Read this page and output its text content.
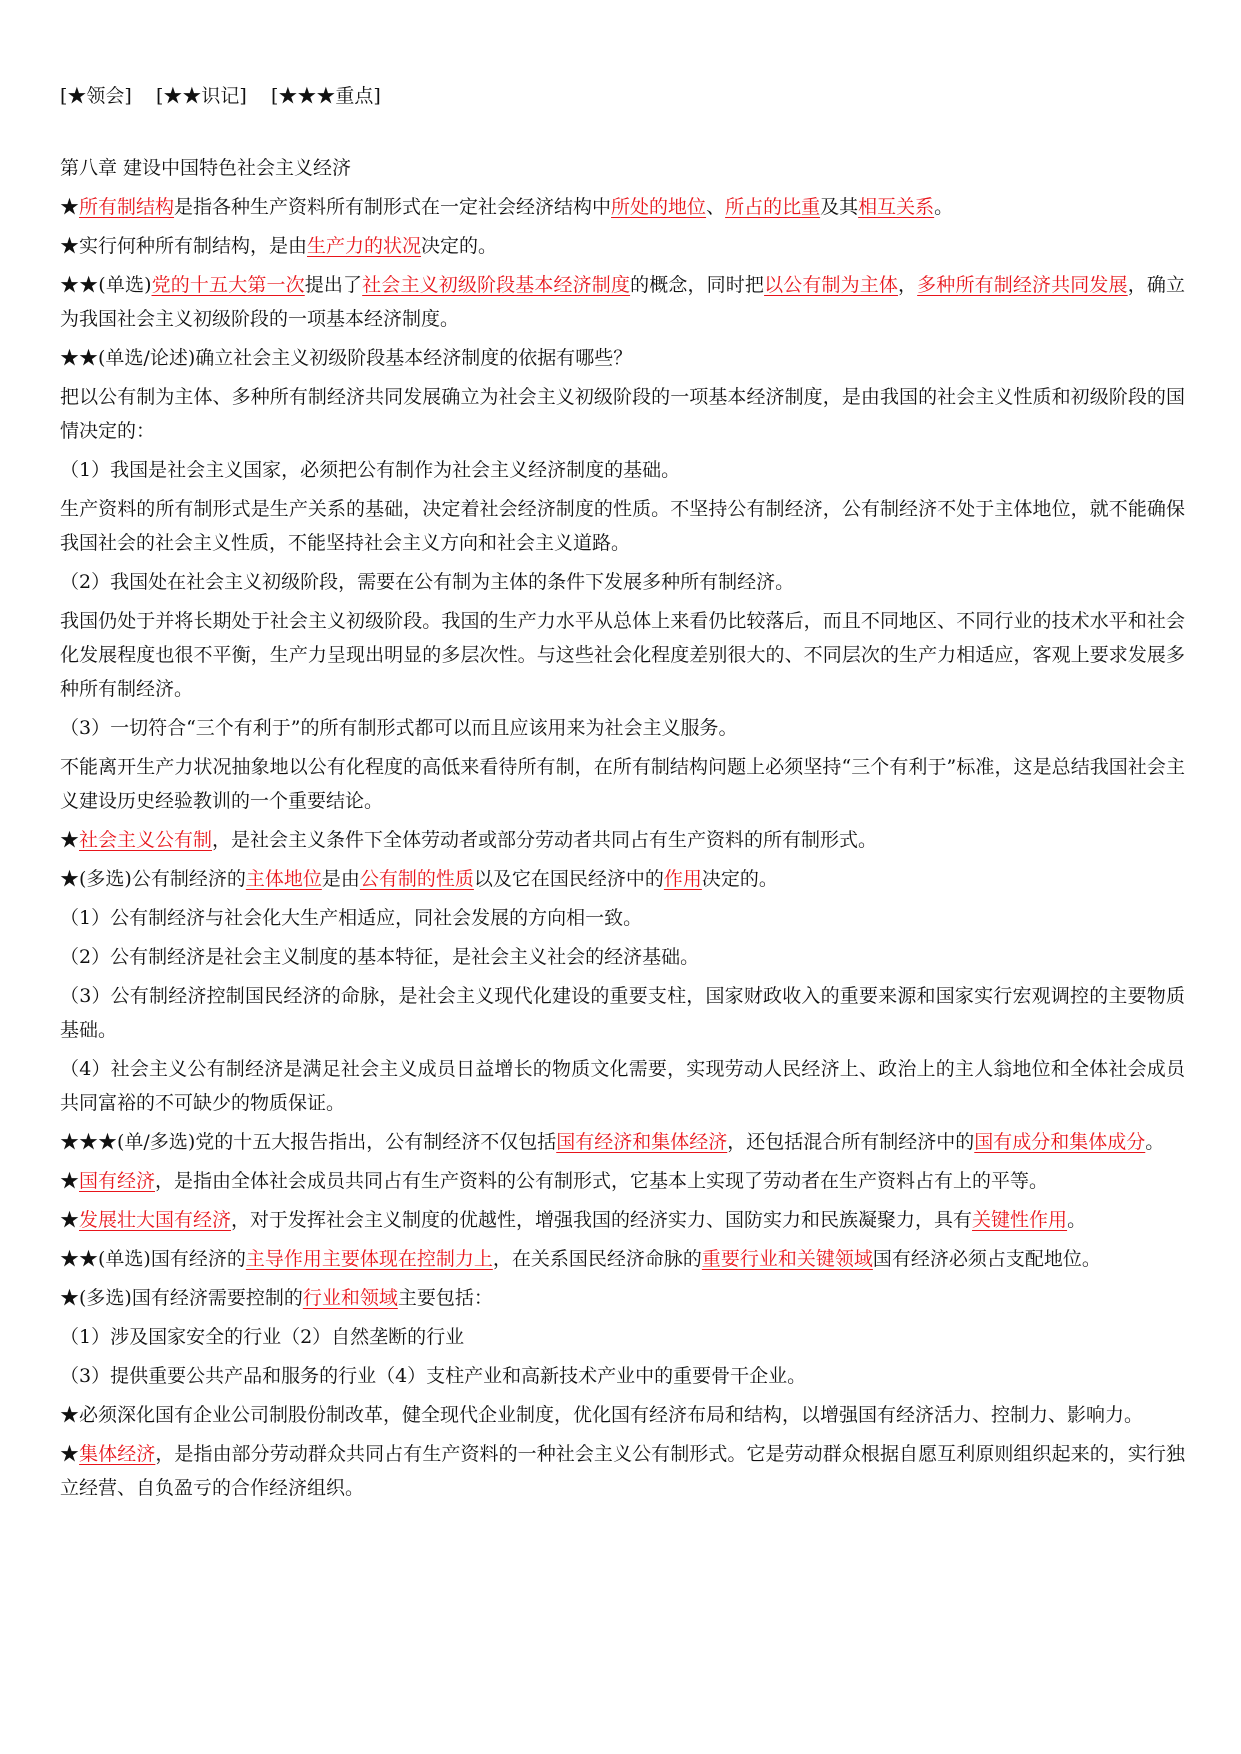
[★领会]    [★★识记]    [★★★重点]
第八章 建设中国特色社会主义经济

★所有制结构是指各种生产资料所有制形式在一定社会经济结构中所处的地位、所占的比重及其相互关系。

★实行何种所有制结构，是由生产力的状况决定的。

★★(单选)党的十五大第一次提出了社会主义初级阶段基本经济制度的概念，同时把以公有制为主体，多种所有制经济共同发展，确立为我国社会主义初级阶段的一项基本经济制度。

★★(单选/论述)确立社会主义初级阶段基本经济制度的依据有哪些？

把以公有制为主体、多种所有制经济共同发展确立为社会主义初级阶段的一项基本经济制度，是由我国的社会主义性质和初级阶段的国情决定的：

（1）我国是社会主义国家，必须把公有制作为社会主义经济制度的基础。

生产资料的所有制形式是生产关系的基础，决定着社会经济制度的性质。不坚持公有制经济，公有制经济不处于主体地位，就不能确保我国社会的社会主义性质，不能坚持社会主义方向和社会主义道路。

（2）我国处在社会主义初级阶段，需要在公有制为主体的条件下发展多种所有制经济。

我国仍处于并将长期处于社会主义初级阶段。我国的生产力水平从总体上来看仍比较落后，而且不同地区、不同行业的技术水平和社会化发展程度也很不平衡，生产力呈现出明显的多层次性。与这些社会化程度差别很大的、不同层次的生产力相适应，客观上要求发展多种所有制经济。

（3）一切符合“三个有利于”的所有制形式都可以而且应该用来为社会主义服务。

不能离开生产力状况抽象地以公有化程度的高低来看待所有制，在所有制结构问题上必须坚持“三个有利于”标准，这是总结我国社会主义建设历史经验教训的一个重要结论。

★社会主义公有制，是社会主义条件下全体劳动者或部分劳动者共同占有生产资料的所有制形式。

★(多选)公有制经济的主体地位是由公有制的性质以及它在国民经济中的作用决定的。

（1）公有制经济与社会化大生产相适应，同社会发展的方向相一致。

（2）公有制经济是社会主义制度的基本特征，是社会主义社会的经济基础。

（3）公有制经济控制国民经济的命脉，是社会主义现代化建设的重要支柱，国家财政收入的重要来源和国家实行宏观调控的主要物质基础。

（4）社会主义公有制经济是满足社会主义成员日益增长的物质文化需要，实现劳动人民经济上、政治上的主人翁地位和全体社会成员共同富裕的不可缺少的物质保证。

★★★(单/多选)党的十五大报告指出，公有制经济不仅包括国有经济和集体经济，还包括混合所有制经济中的国有成分和集体成分。

★国有经济，是指由全体社会成员共同占有生产资料的公有制形式，它基本上实现了劳动者在生产资料占有上的平等。

★发展壮大国有经济，对于发挥社会主义制度的优越性，增强我国的经济实力、国防实力和民族凝聚力，具有关键性作用。

★★(单选)国有经济的主导作用主要体现在控制力上，在关系国民经济命脉的重要行业和关键领域国有经济必须占支配地位。

★(多选)国有经济需要控制的行业和领域主要包括：

（1）涉及国家安全的行业（2）自然垄断的行业

（3）提供重要公共产品和服务的行业（4）支柱产业和高新技术产业中的重要骨干企业。

★必须深化国有企业公司制股份制改革，健全现代企业制度，优化国有经济布局和结构，以增强国有经济活力、控制力、影响力。

★集体经济，是指由部分劳动群众共同占有生产资料的一种社会主义公有制形式。它是劳动群众根据自愿互利原则组织起来的，实行独立经营、自负盈亏的合作经济组织。
